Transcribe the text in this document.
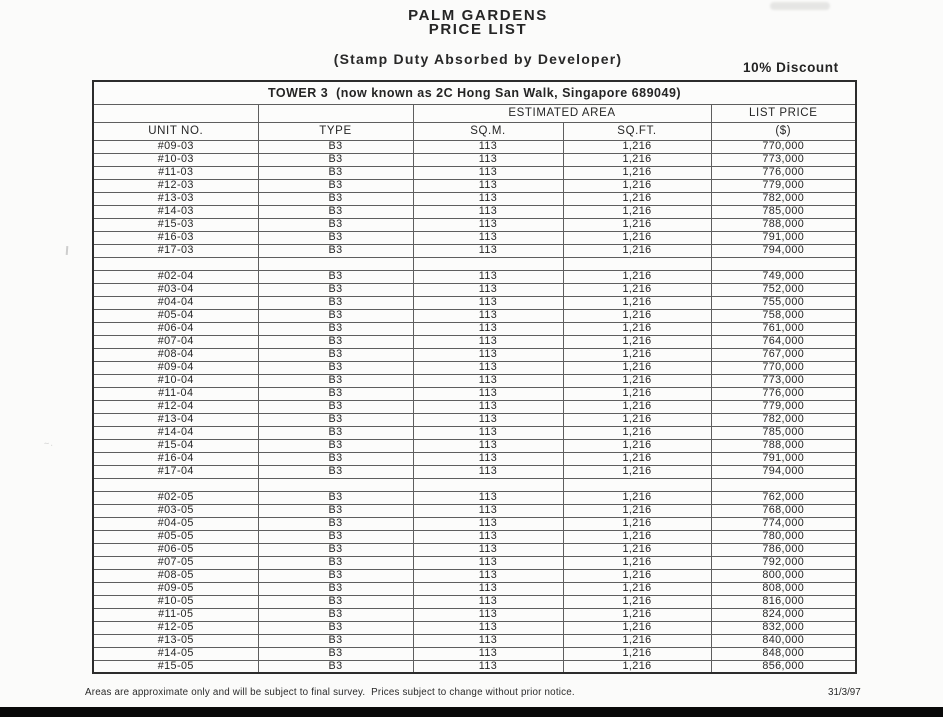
PALM GARDENS
PRICE LIST
(Stamp Duty Absorbed by Developer)
10% Discount
TOWER 3  (now known as 2C Hong San Walk, Singapore 689049)				
		ESTIMATED AREA		LIST PRICE
UNIT NO.	TYPE	SQ.M.	SQ.FT.	($)
#09-03	B3	113	1,216	770,000
#10-03	B3	113	1,216	773,000
#11-03	B3	113	1,216	776,000
#12-03	B3	113	1,216	779,000
#13-03	B3	113	1,216	782,000
#14-03	B3	113	1,216	785,000
#15-03	B3	113	1,216	788,000
#16-03	B3	113	1,216	791,000
#17-03	B3	113	1,216	794,000

#02-04	B3	113	1,216	749,000
#03-04	B3	113	1,216	752,000
#04-04	B3	113	1,216	755,000
#05-04	B3	113	1,216	758,000
#06-04	B3	113	1,216	761,000
#07-04	B3	113	1,216	764,000
#08-04	B3	113	1,216	767,000
#09-04	B3	113	1,216	770,000
#10-04	B3	113	1,216	773,000
#11-04	B3	113	1,216	776,000
#12-04	B3	113	1,216	779,000
#13-04	B3	113	1,216	782,000
#14-04	B3	113	1,216	785,000
#15-04	B3	113	1,216	788,000
#16-04	B3	113	1,216	791,000
#17-04	B3	113	1,216	794,000

#02-05	B3	113	1,216	762,000
#03-05	B3	113	1,216	768,000
#04-05	B3	113	1,216	774,000
#05-05	B3	113	1,216	780,000
#06-05	B3	113	1,216	786,000
#07-05	B3	113	1,216	792,000
#08-05	B3	113	1,216	800,000
#09-05	B3	113	1,216	808,000
#10-05	B3	113	1,216	816,000
#11-05	B3	113	1,216	824,000
#12-05	B3	113	1,216	832,000
#13-05	B3	113	1,216	840,000
#14-05	B3	113	1,216	848,000
#15-05	B3	113	1,216	856,000
Areas are approximate only and will be subject to final survey.  Prices subject to change without prior notice.	31/3/97
~.
